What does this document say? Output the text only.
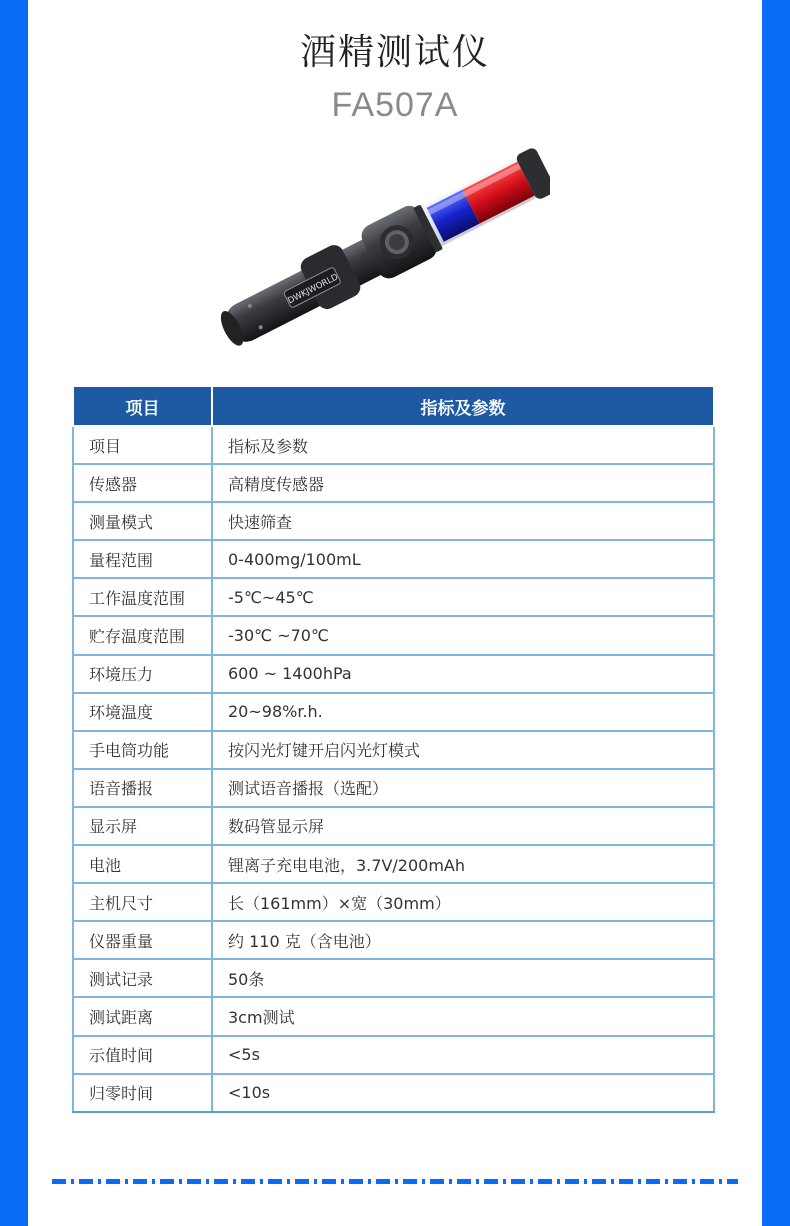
酒精测试仪
FA507A
DWKJWORLD
项目	指标及参数
项目	指标及参数
传感器	高精度传感器
测量模式	快速筛查
量程范围	0-400mg/100mL
工作温度范围	-5℃~45℃
贮存温度范围	-30℃ ~70℃
环境压力	600 ~ 1400hPa
环境温度	20~98%r.h.
手电筒功能	按闪光灯键开启闪光灯模式
语音播报	测试语音播报（选配）
显示屏	数码管显示屏
电池	锂离子充电电池，3.7V/200mAh
主机尺寸	长（161mm）×宽（30mm）
仪器重量	约 110 克（含电池）
测试记录	50条
测试距离	3cm测试
示值时间	<5s
归零时间	<10s
